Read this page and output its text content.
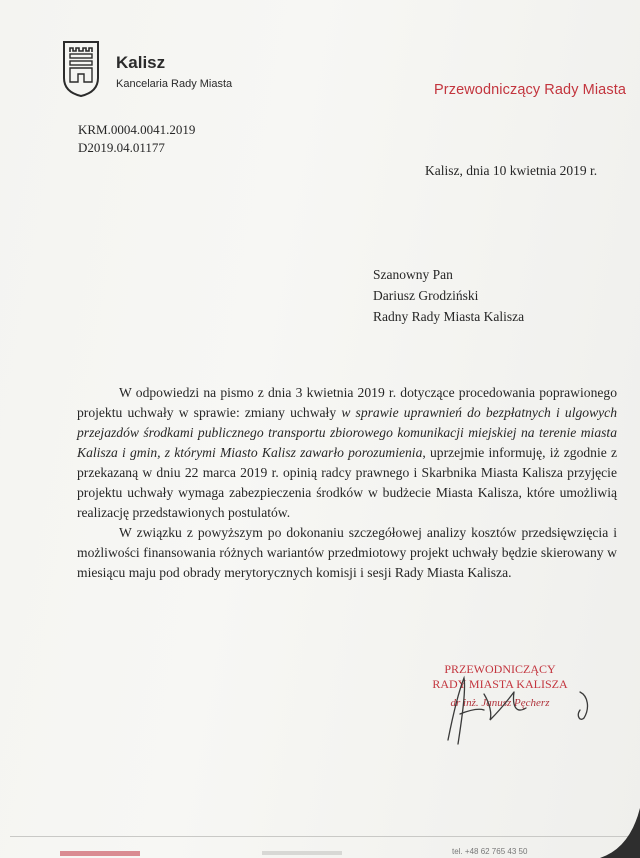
Kalisz
Kancelaria Rady Miasta	Przewodniczący Rady Miasta
KRM.0004.0041.2019
D2019.04.01177
Kalisz, dnia 10 kwietnia 2019 r.
Szanowny Pan
Dariusz Grodziński
Radny Rady Miasta Kalisza

W odpowiedzi na pismo z dnia 3 kwietnia 2019 r. dotyczące procedowania poprawionego projektu uchwały w sprawie: zmiany uchwały w sprawie uprawnień do bezpłatnych i ulgowych przejazdów środkami publicznego transportu zbiorowego komunikacji miejskiej na terenie miasta Kalisza i gmin, z którymi Miasto Kalisz zawarło porozumienia, uprzejmie informuję, iż zgodnie z przekazaną w dniu 22 marca 2019 r. opinią radcy prawnego i Skarbnika Miasta Kalisza przyjęcie projektu uchwały wymaga zabezpieczenia środków w budżecie Miasta Kalisza, które umożliwią realizację przedstawionych postulatów.

W związku z powyższym po dokonaniu szczegółowej analizy kosztów przedsięwzięcia i możliwości finansowania różnych wariantów przedmiotowy projekt uchwały będzie skierowany w miesiącu maju pod obrady merytorycznych komisji i sesji Rady Miasta Kalisza.

PRZEWODNICZĄCY
RADY MIASTA KALISZA
dr inż. Janusz Pęcherz
tel. +48 62 765 43 50
